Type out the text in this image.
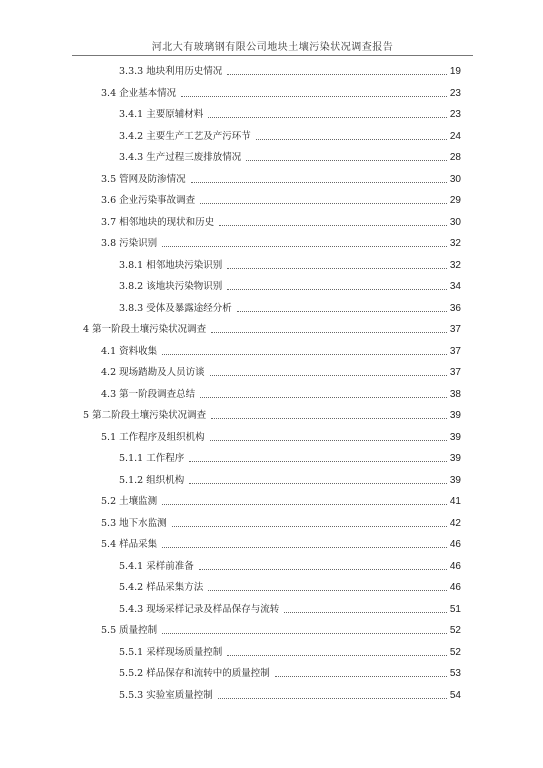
河北大有玻璃钢有限公司地块土壤污染状况调查报告
3.3.3 地块利用历史情况	19
3.4 企业基本情况	23
3.4.1 主要原辅材料	23
3.4.2 主要生产工艺及产污环节	24
3.4.3 生产过程三废排放情况	28
3.5 管网及防渗情况	30
3.6 企业污染事故调查	29
3.7 相邻地块的现状和历史	30
3.8 污染识别	32
3.8.1 相邻地块污染识别	32
3.8.2 该地块污染物识别	34
3.8.3 受体及暴露途经分析	36
4 第一阶段土壤污染状况调查	37
4.1 资料收集	37
4.2 现场踏勘及人员访谈	37
4.3 第一阶段调查总结	38
5 第二阶段土壤污染状况调查	39
5.1 工作程序及组织机构	39
5.1.1 工作程序	39
5.1.2 组织机构	39
5.2 土壤监测	41
5.3 地下水监测	42
5.4 样品采集	46
5.4.1 采样前准备	46
5.4.2 样品采集方法	46
5.4.3 现场采样记录及样品保存与流转	51
5.5 质量控制	52
5.5.1 采样现场质量控制	52
5.5.2 样品保存和流转中的质量控制	53
5.5.3 实验室质量控制	54
